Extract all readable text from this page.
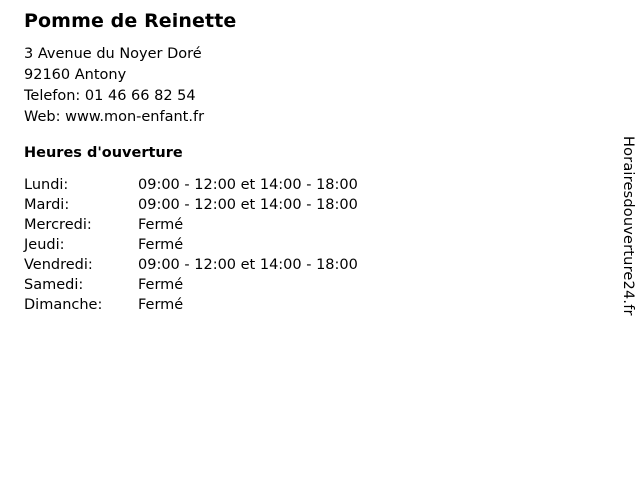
Pomme de Reinette
3 Avenue du Noyer Doré
92160 Antony
Telefon: 01 46 66 82 54
Web: www.mon-enfant.fr
Heures d'ouverture
Lundi:	09:00 - 12:00 et 14:00 - 18:00
Mardi:	09:00 - 12:00 et 14:00 - 18:00
Mercredi:	Fermé
Jeudi:	Fermé
Vendredi:	09:00 - 12:00 et 14:00 - 18:00
Samedi:	Fermé
Dimanche:	Fermé	Horairesdouverture24.fr
